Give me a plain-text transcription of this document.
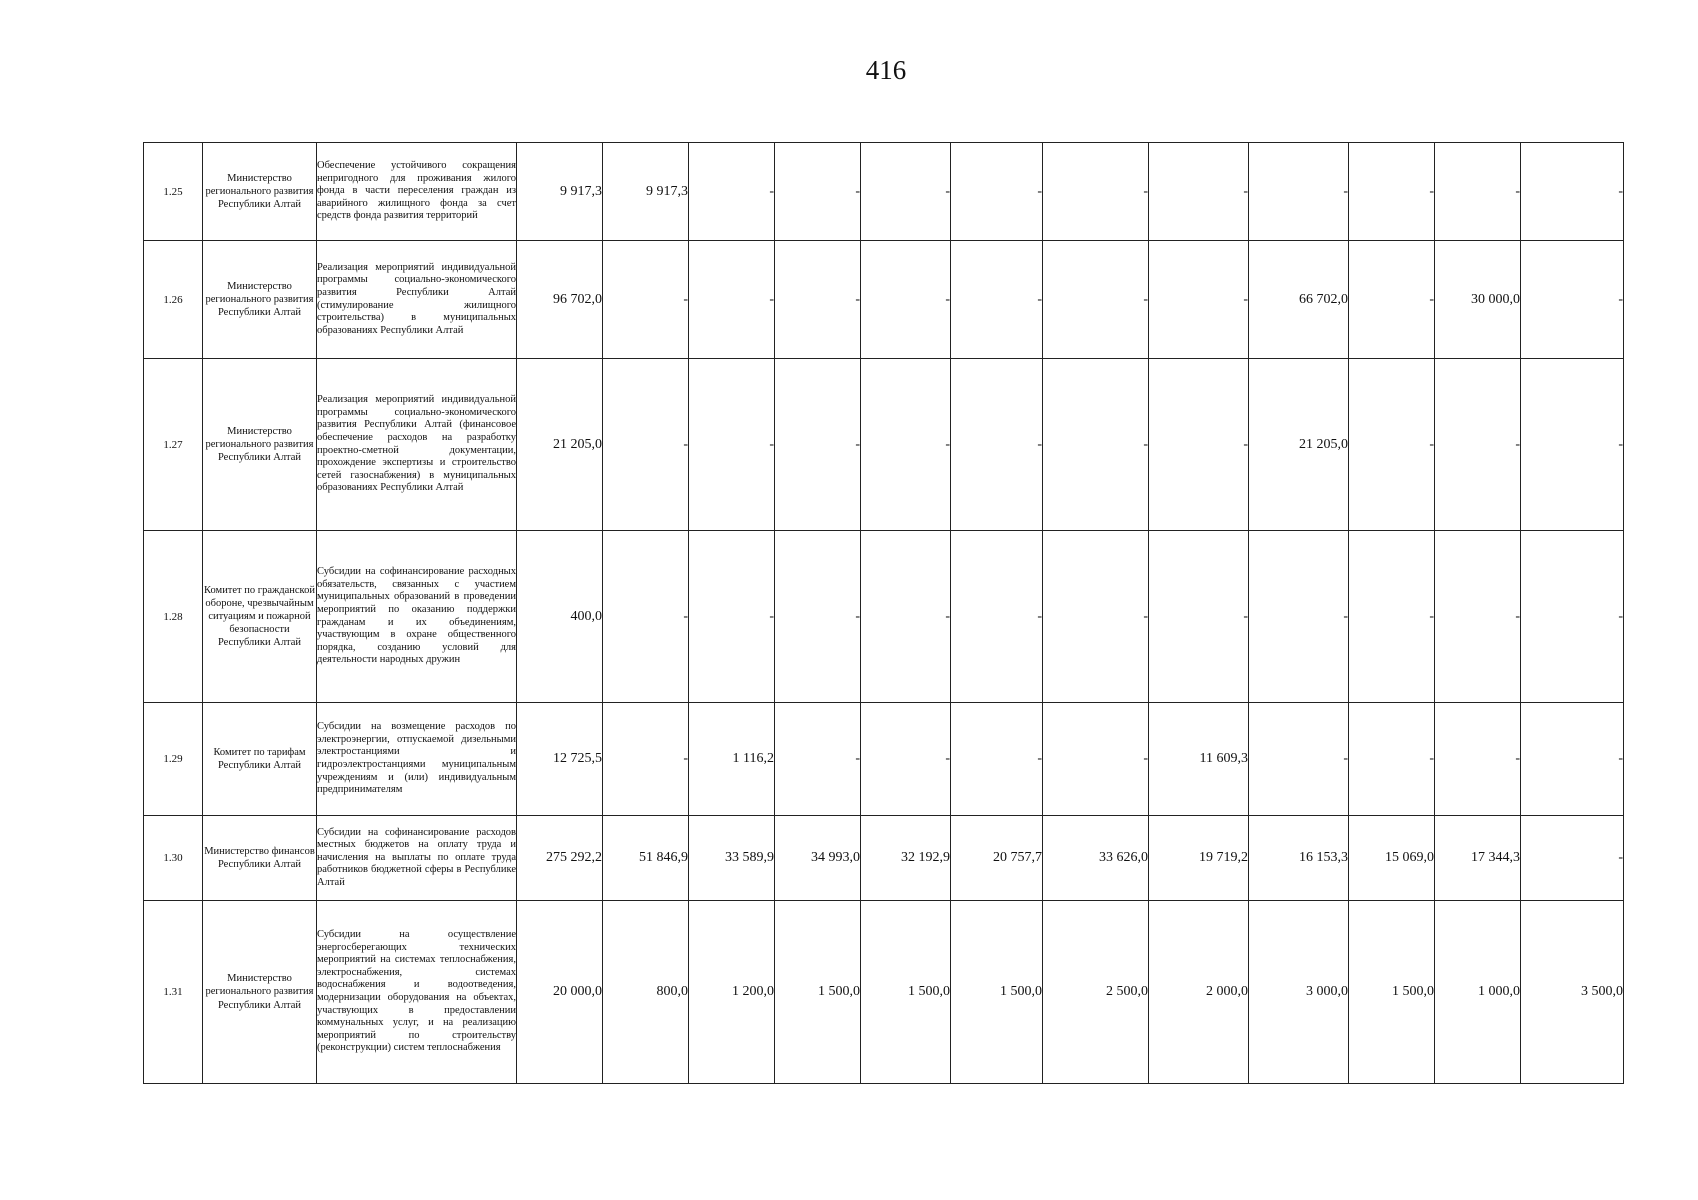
416
1.25	Министерство регионального развития Республики Алтай	Обеспечение устойчивого сокращения непригодного для проживания жилого фонда в части переселения граждан из аварийного жилищного фонда за счет средств фонда развития территорий	9 917,3	9 917,3	-	-	-	-	-	-	-	-	-	-
1.26	Министерство регионального развития Республики Алтай	Реализация мероприятий индивидуальной программы социально-экономического развития Республики Алтай (стимулирование жилищного строительства) в муниципальных образованиях Республики Алтай	96 702,0	-	-	-	-	-	-	-	66 702,0	-	30 000,0	-
1.27	Министерство регионального развития Республики Алтай	Реализация мероприятий индивидуальной программы социально-экономического развития Республики Алтай (финансовое обеспечение расходов на разработку проектно-сметной документации, прохождение экспертизы и строительство сетей газоснабжения) в муниципальных образованиях Республики Алтай	21 205,0	-	-	-	-	-	-	-	21 205,0	-	-	-
1.28	Комитет по гражданской обороне, чрезвычайным ситуациям и пожарной безопасности Республики Алтай	Субсидии на софинансирование расходных обязательств, связанных с участием муниципальных образований в проведении мероприятий по оказанию поддержки гражданам и их объединениям, участвующим в охране общественного порядка, созданию условий для деятельности народных дружин	400,0	-	-	-	-	-	-	-	-	-	-	-
1.29	Комитет по тарифам Республики Алтай	Субсидии на возмещение расходов по электроэнергии, отпускаемой дизельными электростанциями и гидроэлектростанциями муниципальным учреждениям и (или) индивидуальным предпринимателям	12 725,5	-	1 116,2	-	-	-	-	11 609,3	-	-	-	-
1.30	Министерство финансов Республики Алтай	Субсидии на софинансирование расходов местных бюджетов на оплату труда и начисления на выплаты по оплате труда работников бюджетной сферы в Республике Алтай	275 292,2	51 846,9	33 589,9	34 993,0	32 192,9	20 757,7	33 626,0	19 719,2	16 153,3	15 069,0	17 344,3	-
1.31	Министерство регионального развития Республики Алтай	Субсидии на осуществление энергосберегающих технических мероприятий на системах теплоснабжения, электроснабжения, системах водоснабжения и водоотведения, модернизации оборудования на объектах, участвующих в предоставлении коммунальных услуг, и на реализацию мероприятий по строительству (реконструкции) систем теплоснабжения	20 000,0	800,0	1 200,0	1 500,0	1 500,0	1 500,0	2 500,0	2 000,0	3 000,0	1 500,0	1 000,0	3 500,0
